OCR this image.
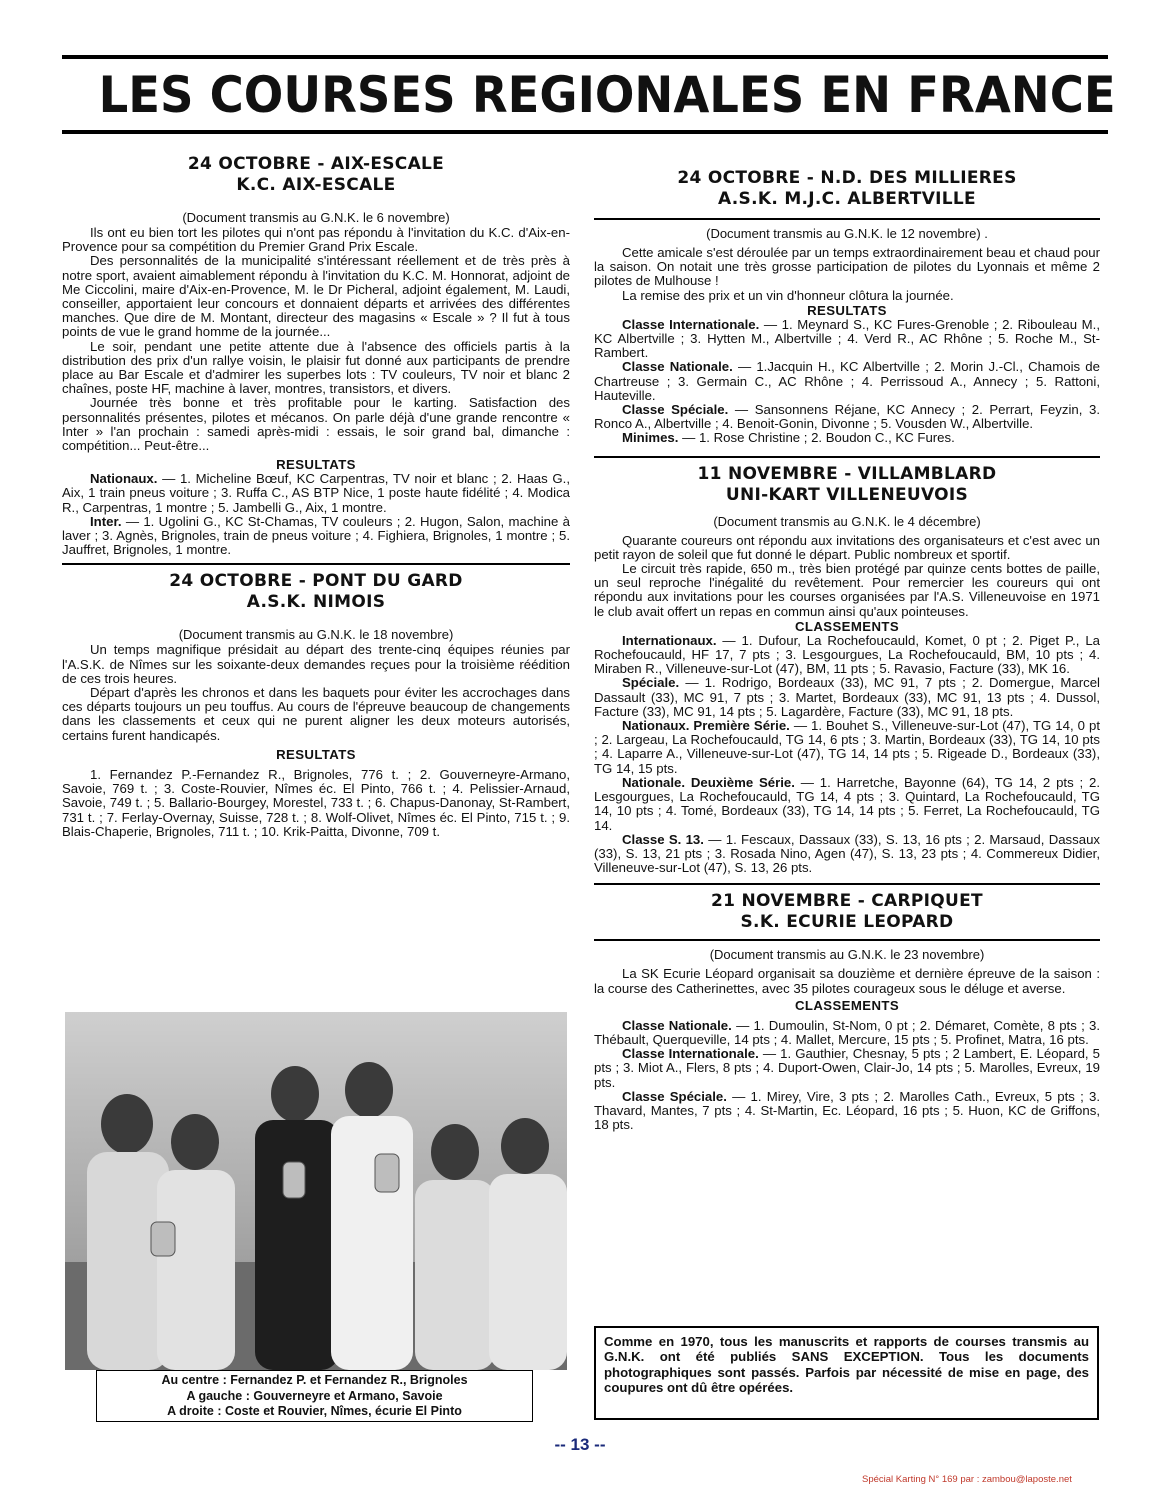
LES COURSES REGIONALES EN FRANCE
24 OCTOBRE - AIX-ESCALE
K.C. AIX-ESCALE
(Document transmis au G.N.K. le 6 novembre)

Ils ont eu bien tort les pilotes qui n'ont pas répondu à l'invitation du K.C. d'Aix-en-Provence pour sa compétition du Premier Grand Prix Escale.

Des personnalités de la municipalité s'intéressant réellement et de très près à notre sport, avaient aimablement répondu à l'invitation du K.C. M. Honnorat, adjoint de Me Ciccolini, maire d'Aix-en-Provence, M. le Dr Picheral, adjoint également, M. Laudi, conseiller, apportaient leur concours et donnaient départs et arrivées des différentes manches. Que dire de M. Montant, directeur des magasins « Escale » ? Il fut à tous points de vue le grand homme de la journée...

Le soir, pendant une petite attente due à l'absence des officiels partis à la distribution des prix d'un rallye voisin, le plaisir fut donné aux participants de prendre place au Bar Escale et d'admirer les superbes lots : TV couleurs, TV noir et blanc 2 chaînes, poste HF, machine à laver, montres, transistors, et divers.

Journée très bonne et très profitable pour le karting. Satisfaction des personnalités présentes, pilotes et mécanos. On parle déjà d'une grande rencontre « Inter » l'an prochain : samedi après-midi : essais, le soir grand bal, dimanche : compétition... Peut-être...

RESULTATS

Nationaux. — 1. Micheline Bœuf, KC Carpentras, TV noir et blanc ; 2. Haas G., Aix, 1 train pneus voiture ; 3. Ruffa C., AS BTP Nice, 1 poste haute fidélité ; 4. Modica R., Carpentras, 1 montre ; 5. Jambelli G., Aix, 1 montre.

Inter. — 1. Ugolini G., KC St-Chamas, TV couleurs ; 2. Hugon, Salon, machine à laver ; 3. Agnès, Brignoles, train de pneus voiture ; 4. Fighiera, Brignoles, 1 montre ; 5. Jauffret, Brignoles, 1 montre.

24 OCTOBRE - PONT DU GARD
A.S.K. NIMOIS
(Document transmis au G.N.K. le 18 novembre)

Un temps magnifique présidait au départ des trente-cinq équipes réunies par l'A.S.K. de Nîmes sur les soixante-deux demandes reçues pour la troisième réédition de ces trois heures.

Départ d'après les chronos et dans les baquets pour éviter les accrochages dans ces départs toujours un peu touffus. Au cours de l'épreuve beaucoup de changements dans les classements et ceux qui ne purent aligner les deux moteurs autorisés, certains furent handicapés.

RESULTATS

1. Fernandez P.-Fernandez R., Brignoles, 776 t. ; 2. Gouverneyre-Armano, Savoie, 769 t. ; 3. Coste-Rouvier, Nîmes éc. El Pinto, 766 t. ; 4. Pelissier-Arnaud, Savoie, 749 t. ; 5. Ballario-Bourgey, Morestel, 733 t. ; 6. Chapus-Danonay, St-Rambert, 731 t. ; 7. Ferlay-Overnay, Suisse, 728 t. ; 8. Wolf-Olivet, Nîmes éc. El Pinto, 715 t. ; 9. Blais-Chaperie, Brignoles, 711 t. ; 10. Krik-Paitta, Divonne, 709 t.

Au centre : Fernandez P. et Fernandez R., Brignoles
A gauche : Gouverneyre et Armano, Savoie
A droite : Coste et Rouvier, Nîmes, écurie El Pinto
24 OCTOBRE - N.D. DES MILLIERES
A.S.K. M.J.C. ALBERTVILLE
(Document transmis au G.N.K. le 12 novembre) .

Cette amicale s'est déroulée par un temps extraordinairement beau et chaud pour la saison. On notait une très grosse participation de pilotes du Lyonnais et même 2 pilotes de Mulhouse !

La remise des prix et un vin d'honneur clôtura la journée.

RESULTATS

Classe Internationale. — 1. Meynard S., KC Fures-Grenoble ; 2. Ribouleau M., KC Albertville ; 3. Hytten M., Albertville ; 4. Verd R., AC Rhône ; 5. Roche M., St-Rambert.

Classe Nationale. — 1.Jacquin H., KC Albertville ; 2. Morin J.-Cl., Chamois de Chartreuse ; 3. Germain C., AC Rhône ; 4. Perrissoud A., Annecy ; 5. Rattoni, Hauteville.

Classe Spéciale. — Sansonnens Réjane, KC Annecy ; 2. Perrart, Feyzin, 3. Ronco A., Albertville ; 4. Benoit-Gonin, Divonne ; 5. Vousden W., Albertville.

Minimes. — 1. Rose Christine ; 2. Boudon C., KC Fures.

11 NOVEMBRE - VILLAMBLARD
UNI-KART VILLENEUVOIS
(Document transmis au G.N.K. le 4 décembre)

Quarante coureurs ont répondu aux invitations des organisateurs et c'est avec un petit rayon de soleil que fut donné le départ. Public nombreux et sportif.

Le circuit très rapide, 650 m., très bien protégé par quinze cents bottes de paille, un seul reproche l'inégalité du revêtement. Pour remercier les coureurs qui ont répondu aux invitations pour les courses organisées par l'A.S. Villeneuvoise en 1971 le club avait offert un repas en commun ainsi qu'aux pointeuses.

CLASSEMENTS

Internationaux. — 1. Dufour, La Rochefoucauld, Komet, 0 pt ; 2. Piget P., La Rochefoucauld, HF 17, 7 pts ; 3. Lesgourgues, La Rochefoucauld, BM, 10 pts ; 4. Miraben R., Villeneuve-sur-Lot (47), BM, 11 pts ; 5. Ravasio, Facture (33), MK 16.

Spéciale. — 1. Rodrigo, Bordeaux (33), MC 91, 7 pts ; 2. Domergue, Marcel Dassault (33), MC 91, 7 pts ; 3. Martet, Bordeaux (33), MC 91, 13 pts ; 4. Dussol, Facture (33), MC 91, 14 pts ; 5. Lagardère, Facture (33), MC 91, 18 pts.

Nationaux. Première Série. — 1. Bouhet S., Villeneuve-sur-Lot (47), TG 14, 0 pt ; 2. Largeau, La Rochefoucauld, TG 14, 6 pts ; 3. Martin, Bordeaux (33), TG 14, 10 pts ; 4. Laparre A., Villeneuve-sur-Lot (47), TG 14, 14 pts ; 5. Rigeade D., Bordeaux (33), TG 14, 15 pts.

Nationale. Deuxième Série. — 1. Harretche, Bayonne (64), TG 14, 2 pts ; 2. Lesgourgues, La Rochefoucauld, TG 14, 4 pts ; 3. Quintard, La Rochefoucauld, TG 14, 10 pts ; 4. Tomé, Bordeaux (33), TG 14, 14 pts ; 5. Ferret, La Rochefoucauld, TG 14.

Classe S. 13. — 1. Fescaux, Dassaux (33), S. 13, 16 pts ; 2. Marsaud, Dassaux (33), S. 13, 21 pts ; 3. Rosada Nino, Agen (47), S. 13, 23 pts ; 4. Commereux Didier, Villeneuve-sur-Lot (47), S. 13, 26 pts.

21 NOVEMBRE - CARPIQUET
S.K. ECURIE LEOPARD
(Document transmis au G.N.K. le 23 novembre)

La SK Ecurie Léopard organisait sa douzième et dernière épreuve de la saison : la course des Catherinettes, avec 35 pilotes courageux sous le déluge et averse.

CLASSEMENTS

Classe Nationale. — 1. Dumoulin, St-Nom, 0 pt ; 2. Démaret, Comète, 8 pts ; 3. Thébault, Querqueville, 14 pts ; 4. Mallet, Mercure, 15 pts ; 5. Profinet, Matra, 16 pts.

Classe Internationale. — 1. Gauthier, Chesnay, 5 pts ; 2 Lambert, E. Léopard, 5 pts ; 3. Miot A., Flers, 8 pts ; 4. Duport-Owen, Clair-Jo, 14 pts ; 5. Marolles, Evreux, 19 pts.

Classe Spéciale. — 1. Mirey, Vire, 3 pts ; 2. Marolles Cath., Evreux, 5 pts ; 3. Thavard, Mantes, 7 pts ; 4. St-Martin, Ec. Léopard, 16 pts ; 5. Huon, KC de Griffons, 18 pts.

Comme en 1970, tous les manuscrits et rapports de courses transmis au G.N.K. ont été publiés SANS EXCEPTION. Tous les documents photographiques sont passés. Parfois par nécessité de mise en page, des coupures ont dû être opérées.
-- 13 --
Spécial Karting N° 169 par : zambou@laposte.net
